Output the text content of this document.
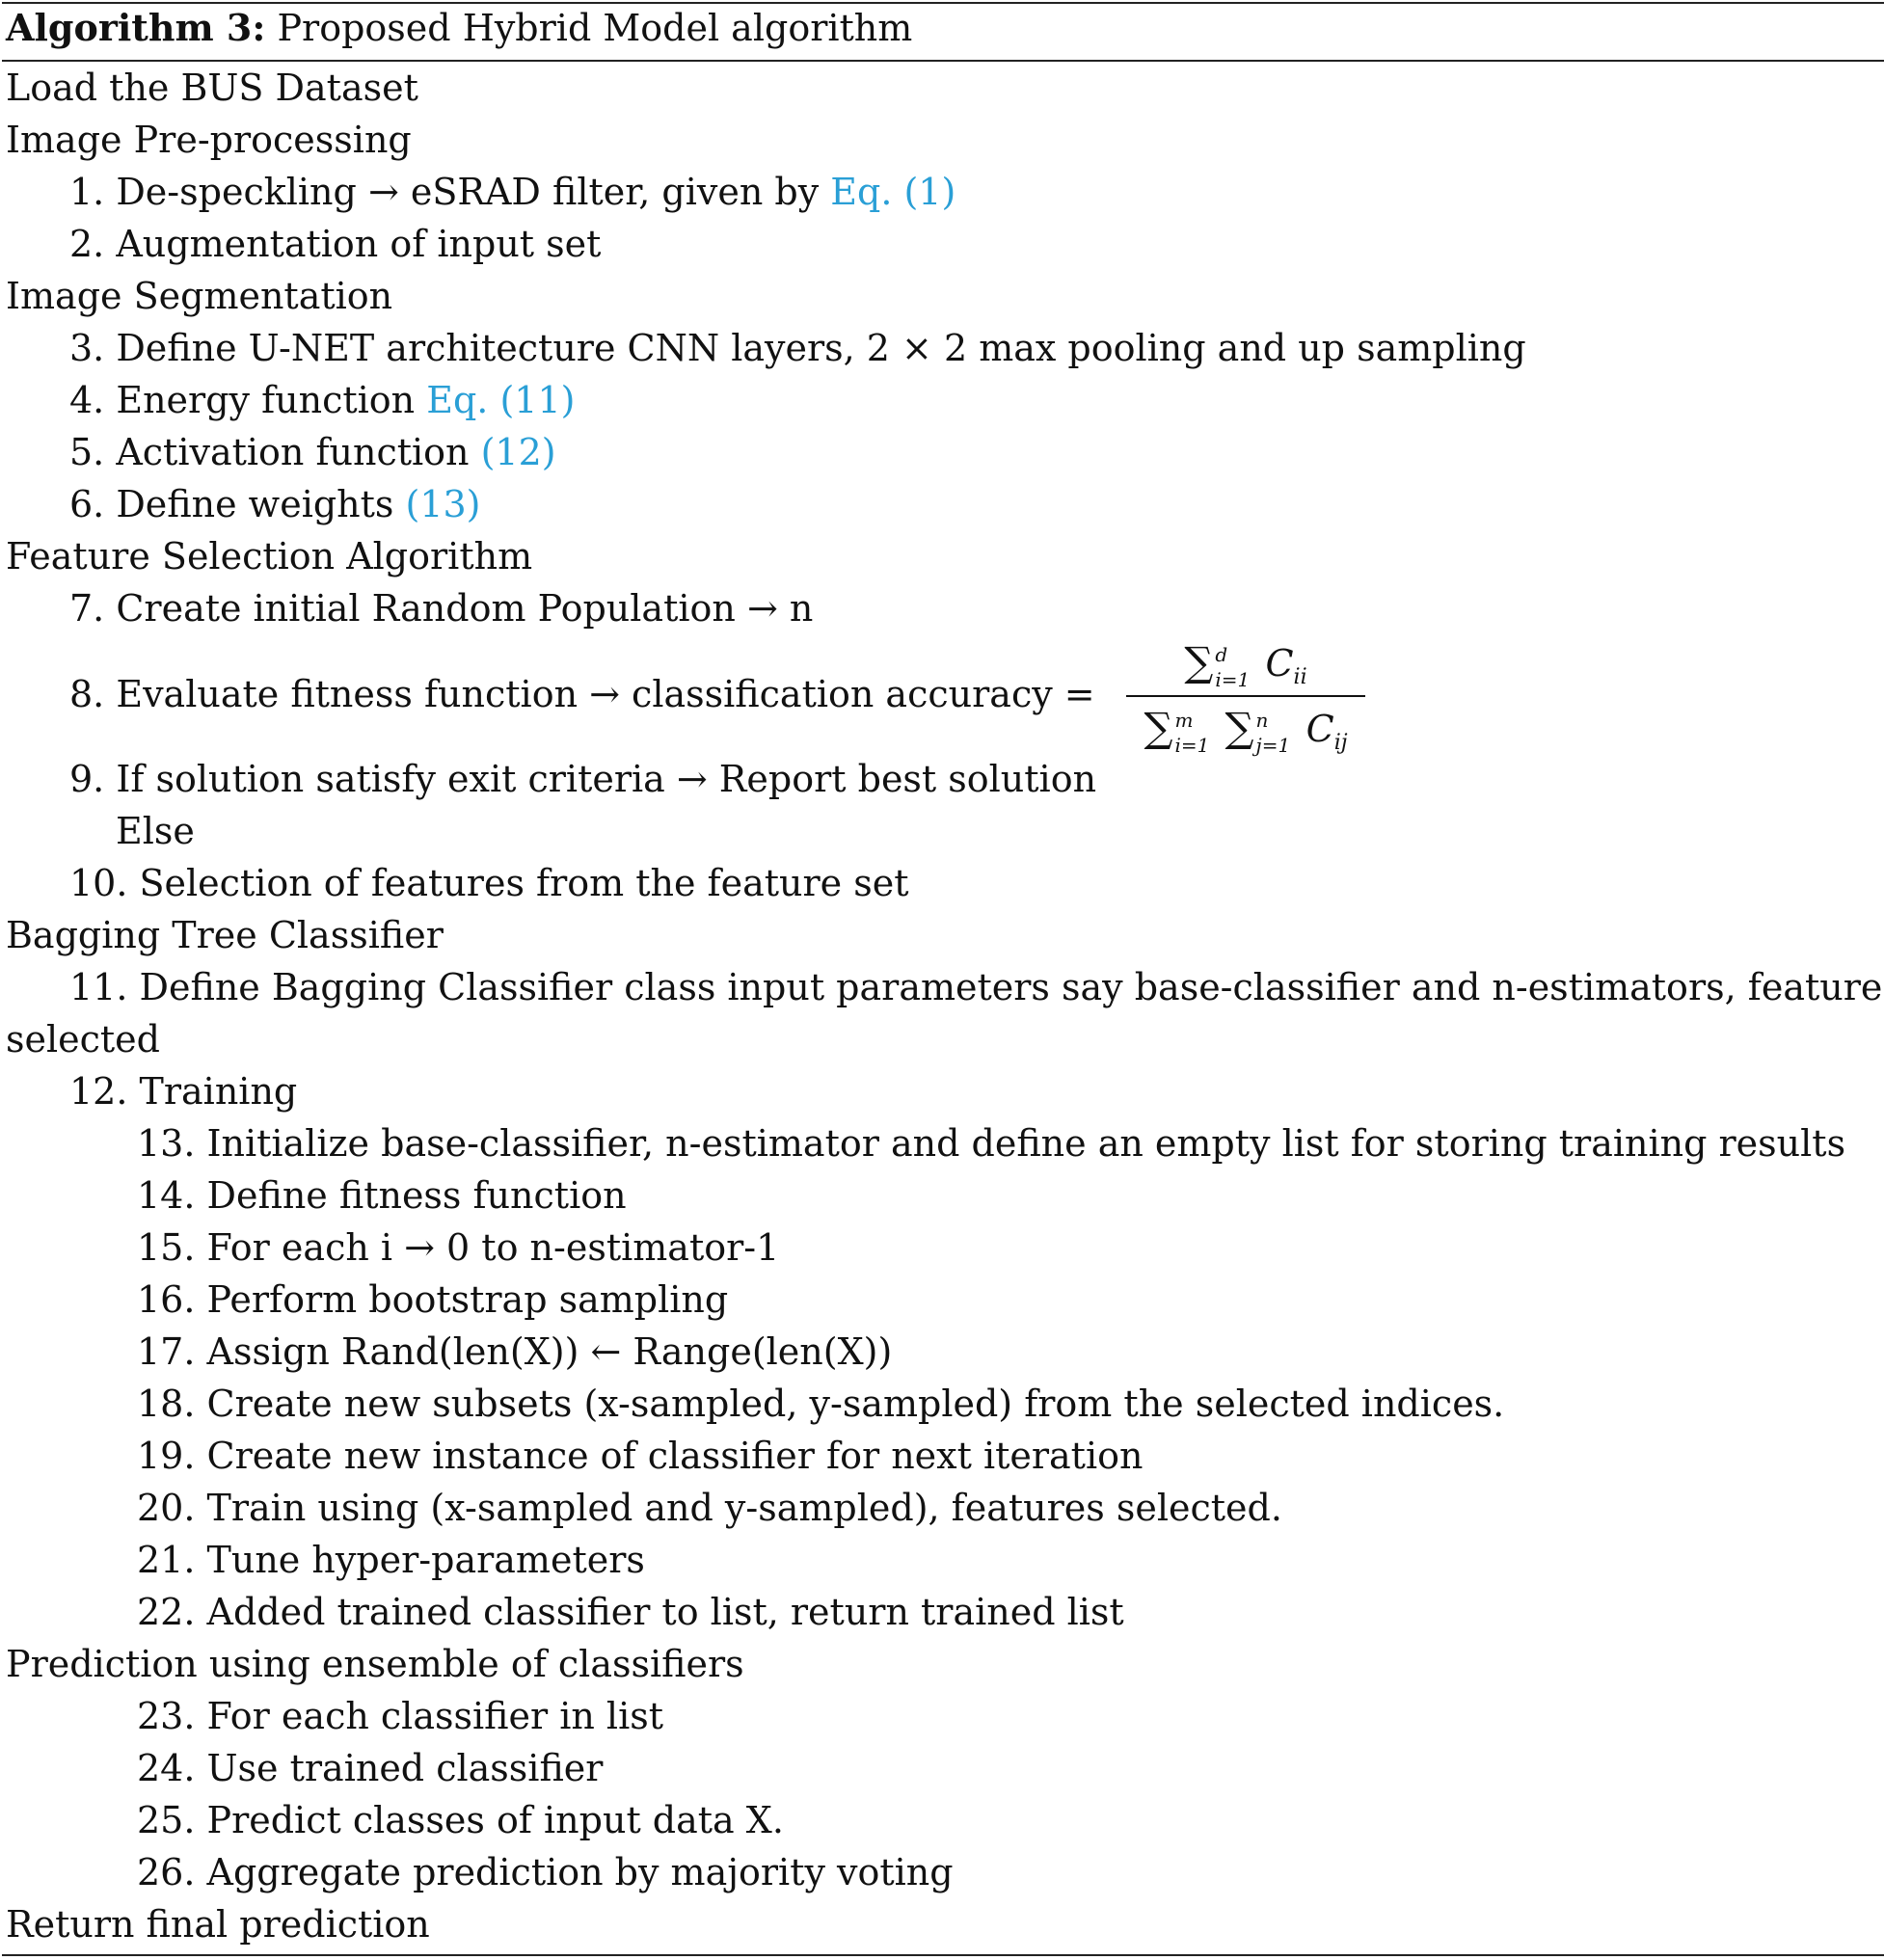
Algorithm 3: Proposed Hybrid Model algorithm
Load the BUS Dataset
Image Pre-processing
1. De-speckling → eSRAD filter, given by Eq. (1)
2. Augmentation of input set
Image Segmentation
3. Define U-NET architecture CNN layers, 2 × 2 max pooling and up sampling
4. Energy function Eq. (11)
5. Activation function (12)
6. Define weights (13)
Feature Selection Algorithm
7. Create initial Random Population → n
8. Evaluate fitness function → classification accuracy =
∑ d
i=1 $C_{ii}$
∑ m
i=1 ∑ n
j=1 $C_{ij}$
9. If solution satisfy exit criteria → Report best solution
Else
10. Selection of features from the feature set
Bagging Tree Classifier
11. Define Bagging Classifier class input parameters say base-classifier and n-estimators, feature
selected
12. Training
13. Initialize base-classifier, n-estimator and define an empty list for storing training results
14. Define fitness function
15. For each i → 0 to n-estimator-1
16. Perform bootstrap sampling
17. Assign Rand(len(X)) ← Range(len(X))
18. Create new subsets (x-sampled, y-sampled) from the selected indices.
19. Create new instance of classifier for next iteration
20. Train using (x-sampled and y-sampled), features selected.
21. Tune hyper-parameters
22. Added trained classifier to list, return trained list
Prediction using ensemble of classifiers
23. For each classifier in list
24. Use trained classifier
25. Predict classes of input data X.
26. Aggregate prediction by majority voting
Return final prediction
